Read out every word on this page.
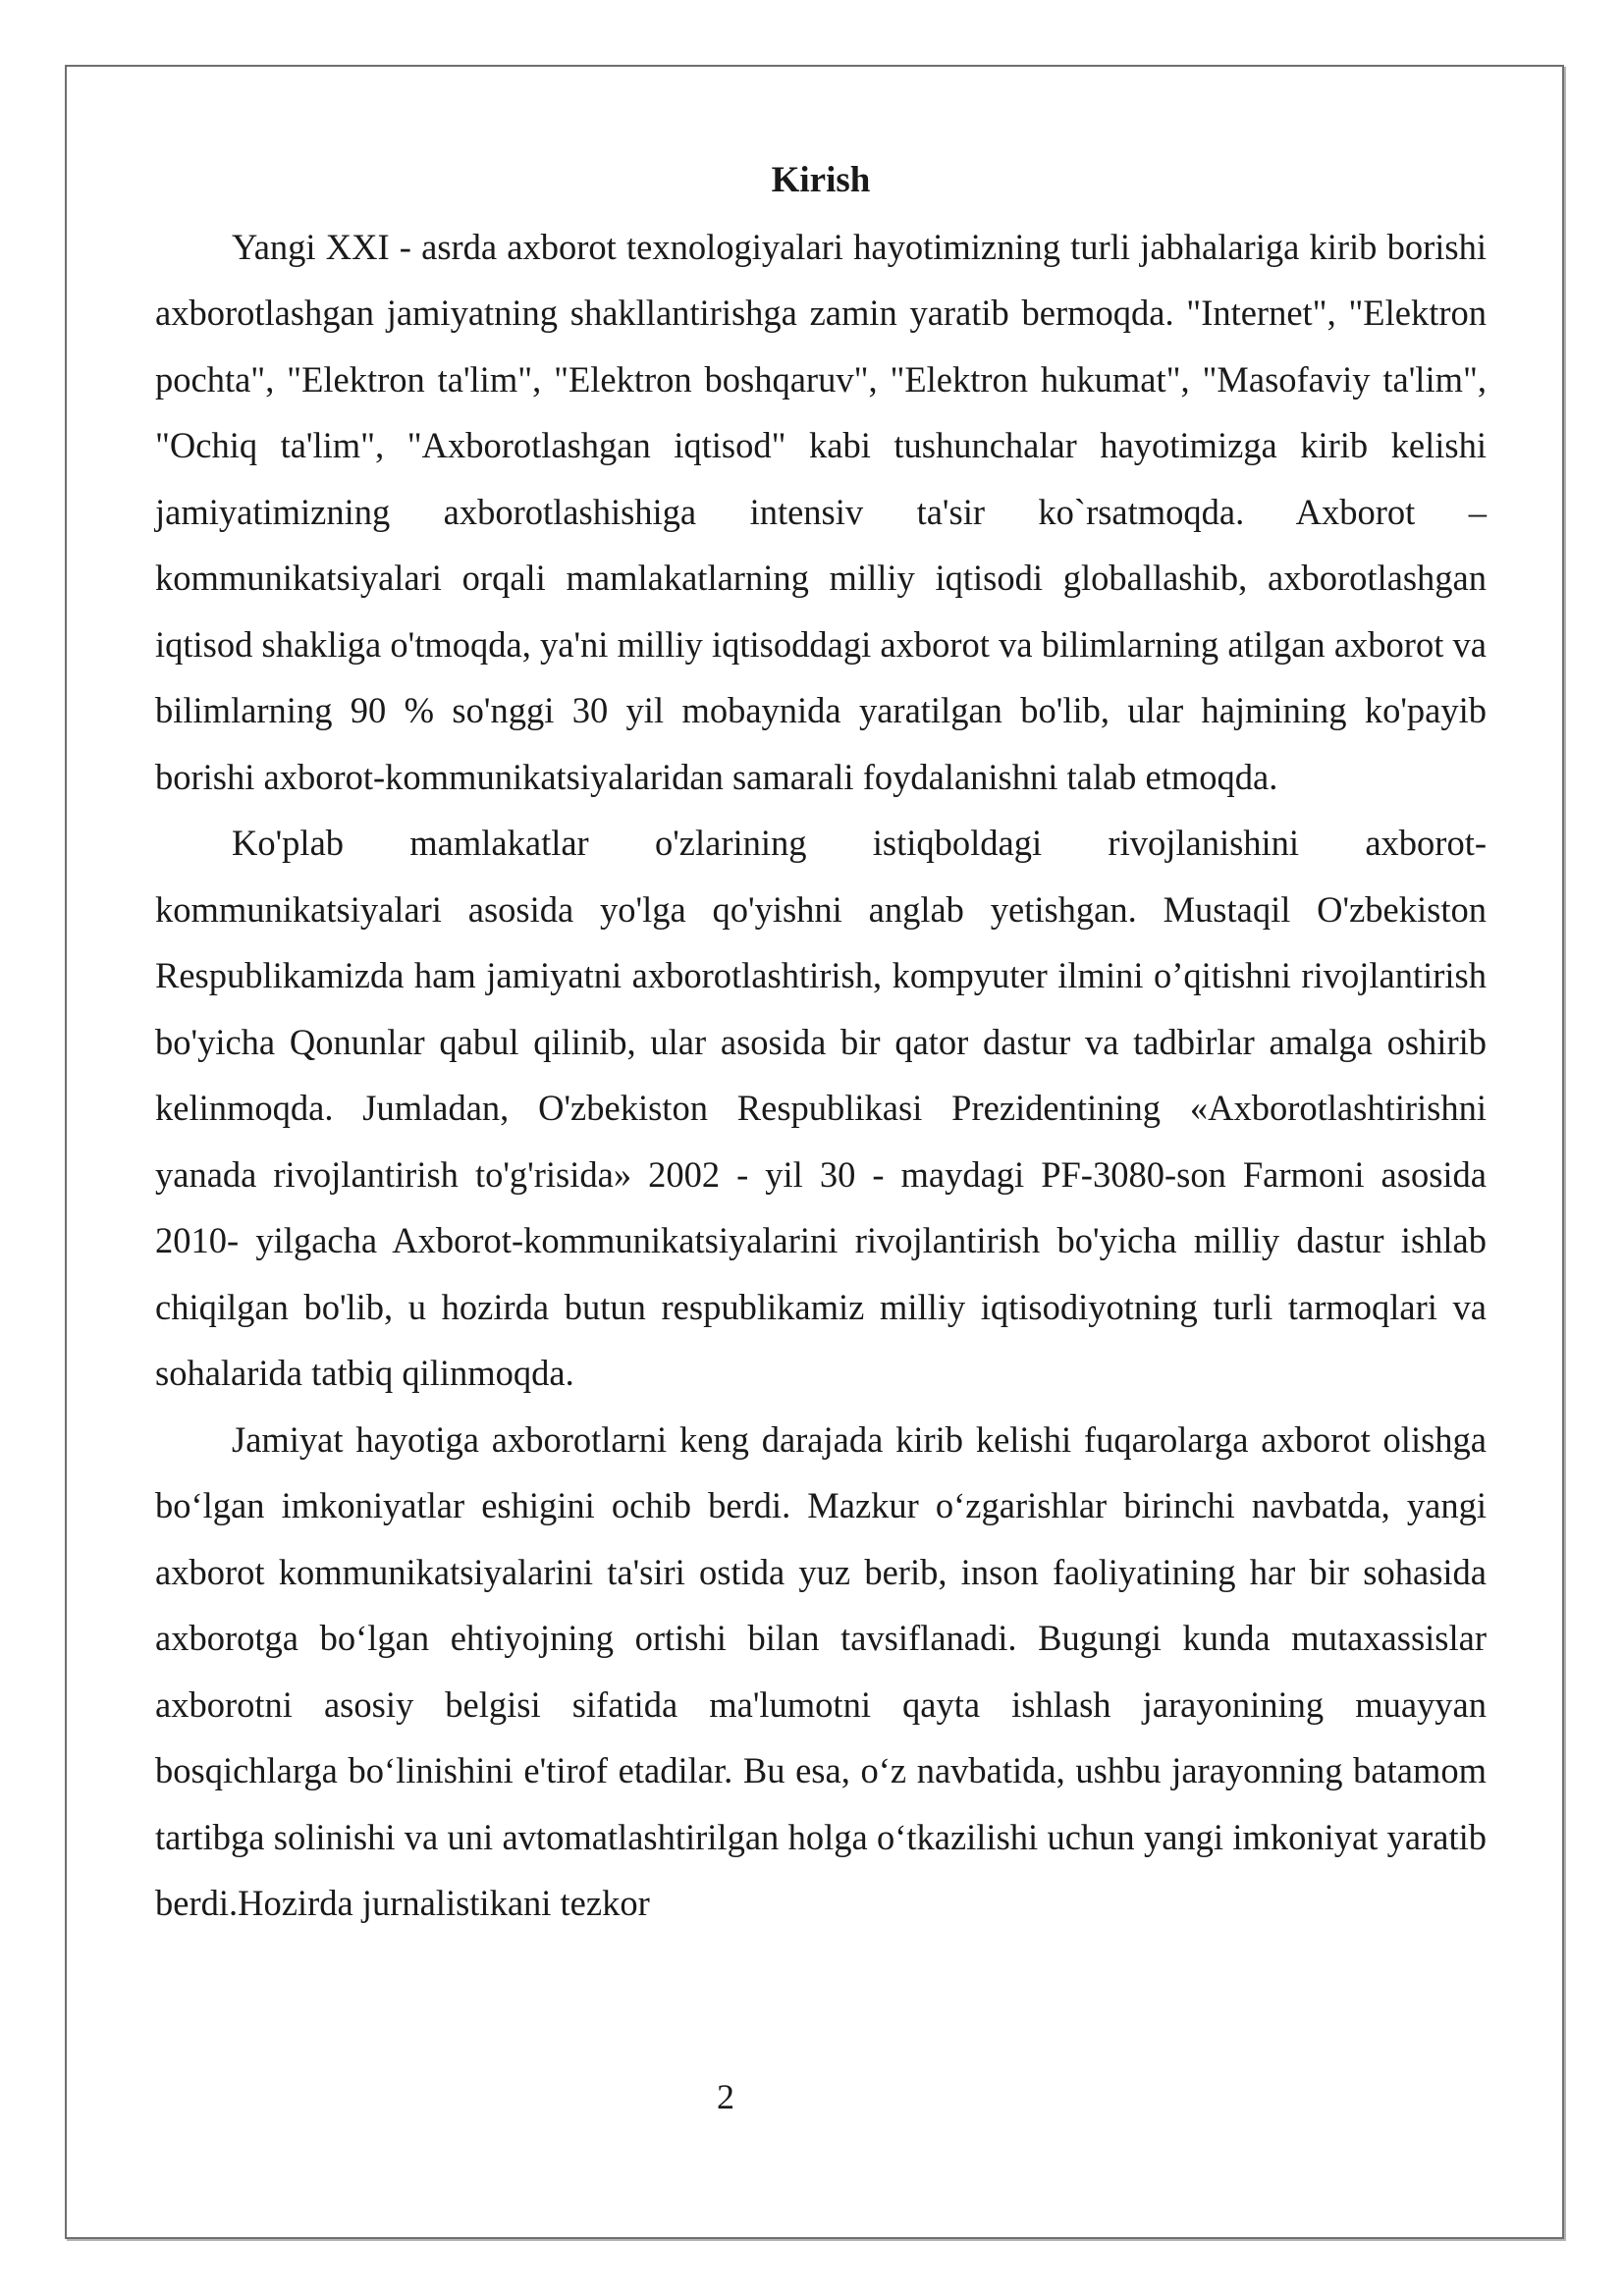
Kirish

Yangi XXI - asrda axborot texnologiyalari hayotimizning turli jabhalariga kirib borishi axborotlashgan jamiyatning shakllantirishga zamin yaratib bermoqda. "Internet", "Elektron pochta", "Elektron ta'lim", "Elektron boshqaruv", "Elektron hukumat", "Masofaviy ta'lim", "Ochiq ta'lim", "Axborotlashgan iqtisod" kabi tushunchalar hayotimizga kirib kelishi jamiyatimizning axborotlashishiga intensiv ta'sir ko`rsatmoqda. Axborot – kommunikatsiyalari orqali mamlakatlarning milliy iqtisodi globallashib, axborotlashgan iqtisod shakliga o'tmoqda, ya'ni milliy iqtisoddagi axborot va bilimlarning atilgan axborot va bilimlarning 90 % so'nggi 30 yil mobaynida yaratilgan bo'lib, ular hajmining ko'payib borishi axborot-kommunikatsiyalaridan samarali foydalanishni talab etmoqda.

Ko'plab mamlakatlar o'zlarining istiqboldagi rivojlanishini axborot-kommunikatsiyalari asosida yo'lga qo'yishni anglab yetishgan. Mustaqil O'zbekiston Respublikamizda ham jamiyatni axborotlashtirish, kompyuter ilmini o’qitishni rivojlantirish bo'yicha Qonunlar qabul qilinib, ular asosida bir qator dastur va tadbirlar amalga oshirib kelinmoqda. Jumladan, O'zbekiston Respublikasi Prezidentining «Axborotlashtirishni yanada rivojlantirish to'g'risida» 2002 - yil 30 - maydagi PF-3080-son Farmoni asosida 2010- yilgacha Axborot-kommunikatsiyalarini rivojlantirish bo'yicha milliy dastur ishlab chiqilgan bo'lib, u hozirda butun respublikamiz milliy iqtisodiyotning turli tarmoqlari va sohalarida tatbiq qilinmoqda.

Jamiyat hayotiga axborotlarni keng darajada kirib kelishi fuqarolarga axborot olishga bo‘lgan imkoniyatlar eshigini ochib berdi. Mazkur o‘zgarishlar birinchi navbatda, yangi axborot kommunikatsiyalarini ta'siri ostida yuz berib, inson faoliyatining har bir sohasida axborotga bo‘lgan ehtiyojning ortishi bilan tavsiflanadi. Bugungi kunda mutaxassislar axborotni asosiy belgisi sifatida ma'lumotni qayta ishlash jarayonining muayyan bosqichlarga bo‘linishini e'tirof etadilar. Bu esa, o‘z navbatida, ushbu jarayonning batamom tartibga solinishi va uni avtomatlashtirilgan holga o‘tkazilishi uchun yangi imkoniyat yaratib berdi.Hozirda jurnalistikani tezkor

2
